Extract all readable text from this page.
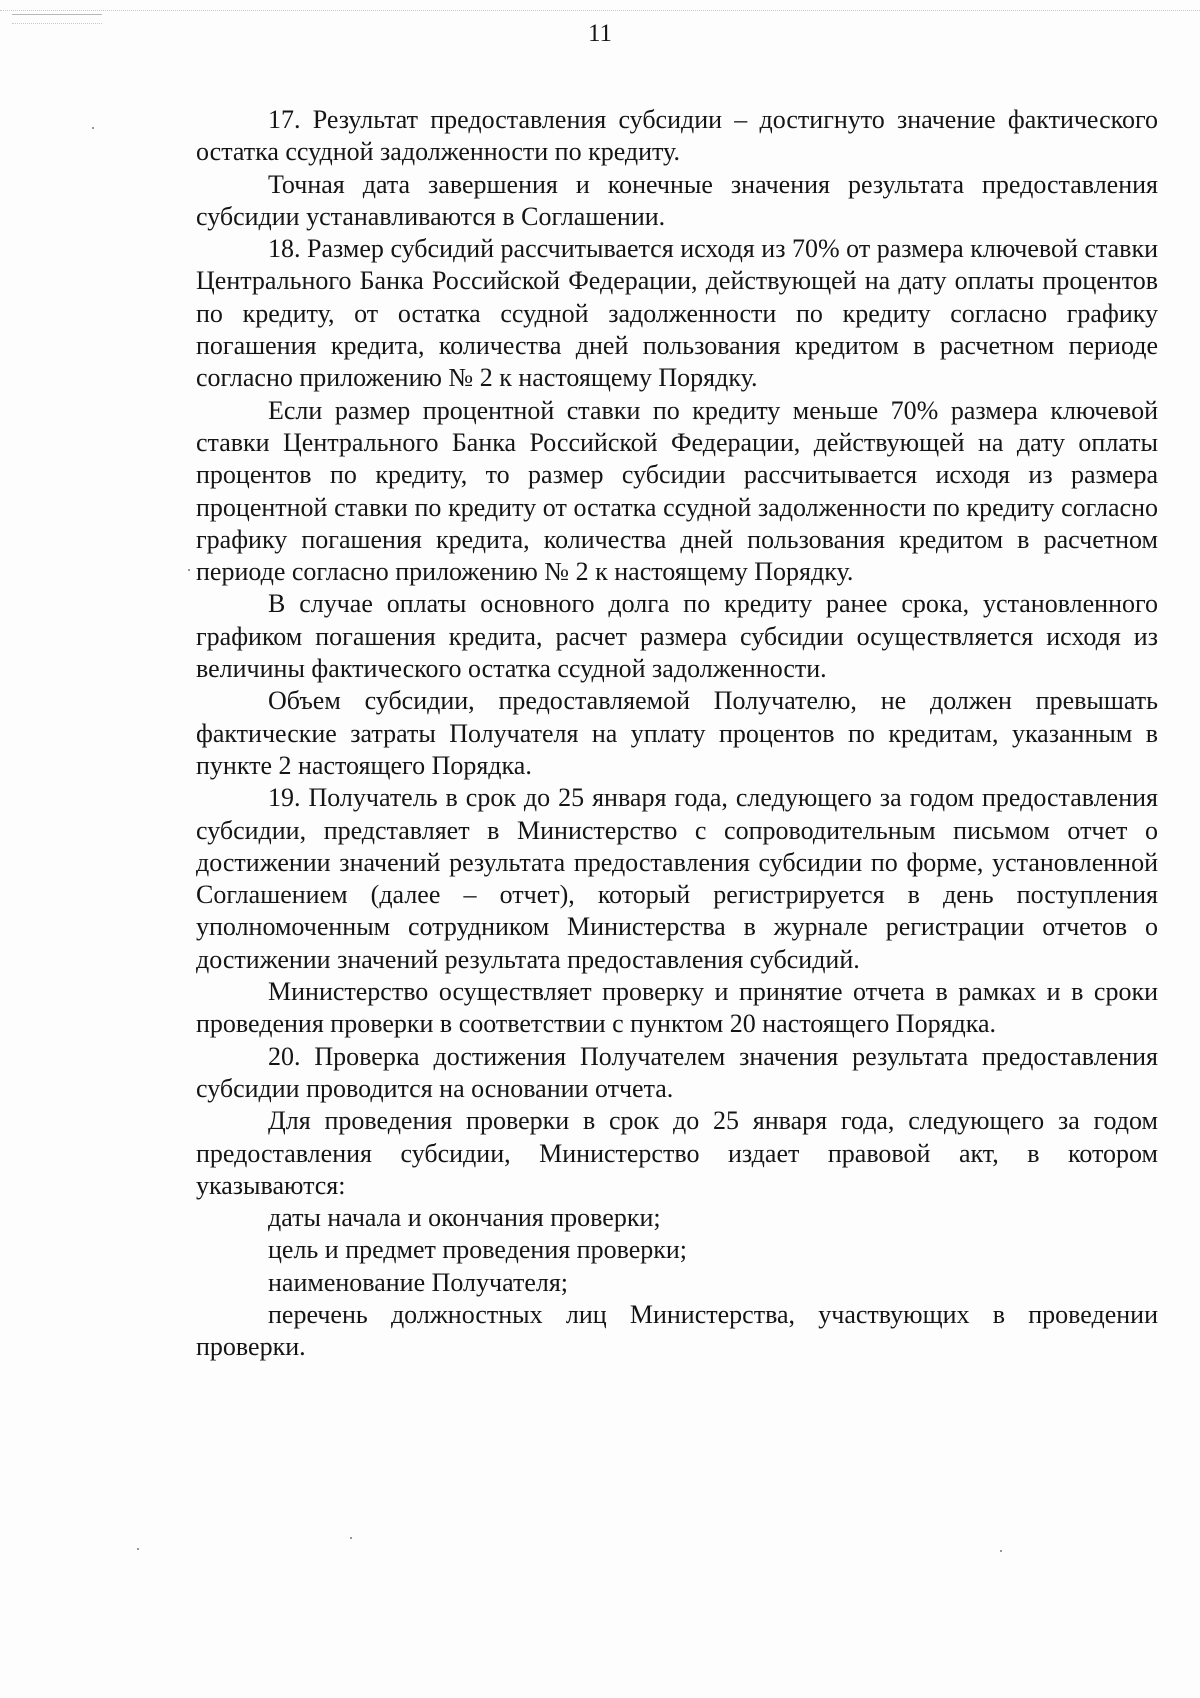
11

17. Результат предоставления субсидии – достигнуто значение фактического остатка ссудной задолженности по кредиту.

Точная дата завершения и конечные значения результата предоставления субсидии устанавливаются в Соглашении.

18. Размер субсидий рассчитывается исходя из 70% от размера ключевой ставки Центрального Банка Российской Федерации, действующей на дату оплаты процентов по кредиту, от остатка ссудной задолженности по кредиту согласно графику погашения кредита, количества дней пользования кредитом в расчетном периоде согласно приложению № 2 к настоящему Порядку.

Если размер процентной ставки по кредиту меньше 70% размера ключевой ставки Центрального Банка Российской Федерации, действующей на дату оплаты процентов по кредиту, то размер субсидии рассчитывается исходя из размера процентной ставки по кредиту от остатка ссудной задолженности по кредиту согласно графику погашения кредита, количества дней пользования кредитом в расчетном периоде согласно приложению № 2 к настоящему Порядку.

В случае оплаты основного долга по кредиту ранее срока, установленного графиком погашения кредита, расчет размера субсидии осуществляется исходя из величины фактического остатка ссудной задолженности.

Объем субсидии, предоставляемой Получателю, не должен превышать фактические затраты Получателя на уплату процентов по кредитам, указанным в пункте 2 настоящего Порядка.

19. Получатель в срок до 25 января года, следующего за годом предоставления субсидии, представляет в Министерство с сопроводительным письмом отчет о достижении значений результата предоставления субсидии по форме, установленной Соглашением (далее – отчет), который регистрируется в день поступления уполномоченным сотрудником Министерства в журнале регистрации отчетов о достижении значений результата предоставления субсидий.

Министерство осуществляет проверку и принятие отчета в рамках и в сроки проведения проверки в соответствии с пунктом 20 настоящего Порядка.

20. Проверка достижения Получателем значения результата предоставления субсидии проводится на основании отчета.

Для проведения проверки в срок до 25 января года, следующего за годом предоставления субсидии, Министерство издает правовой акт, в котором указываются:

даты начала и окончания проверки;

цель и предмет проведения проверки;

наименование Получателя;

перечень должностных лиц Министерства, участвующих в проведении проверки.
